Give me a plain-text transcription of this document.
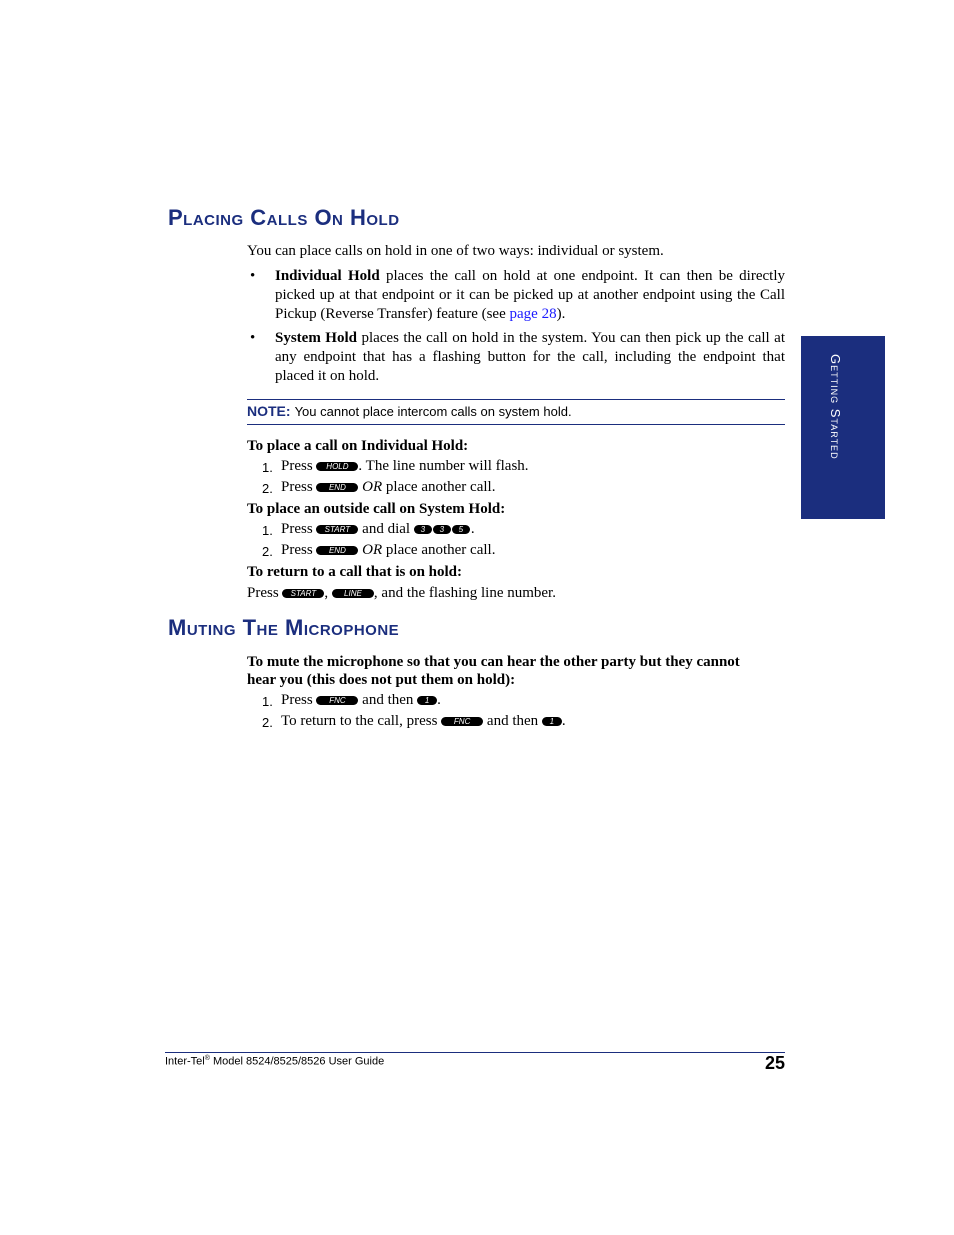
Placing Calls On Hold
You can place calls on hold in one of two ways: individual or system.
• Individual Hold places the call on hold at one endpoint. It can then be directly picked up at that endpoint or it can be picked up at another endpoint using the Call Pickup (Reverse Transfer) feature (see page 28).
• System Hold places the call on hold in the system. You can then pick up the call at any endpoint that has a flashing button for the call, including the endpoint that placed it on hold.
NOTE: You cannot place intercom calls on system hold.
To place a call on Individual Hold:
1. Press HOLD . The line number will flash.
2. Press END OR place another call.
To place an outside call on System Hold:
1. Press START and dial 3 3 5 .
2. Press END OR place another call.
To return to a call that is on hold:
Press START , LINE , and the flashing line number.
Muting The Microphone
To mute the microphone so that you can hear the other party but they cannot
hear you (this does not put them on hold):
1. Press FNC and then 1 .
2. To return to the call, press FNC and then 1 .
Getting Started
Inter-Tel® Model 8524/8525/8526 User Guide	25
